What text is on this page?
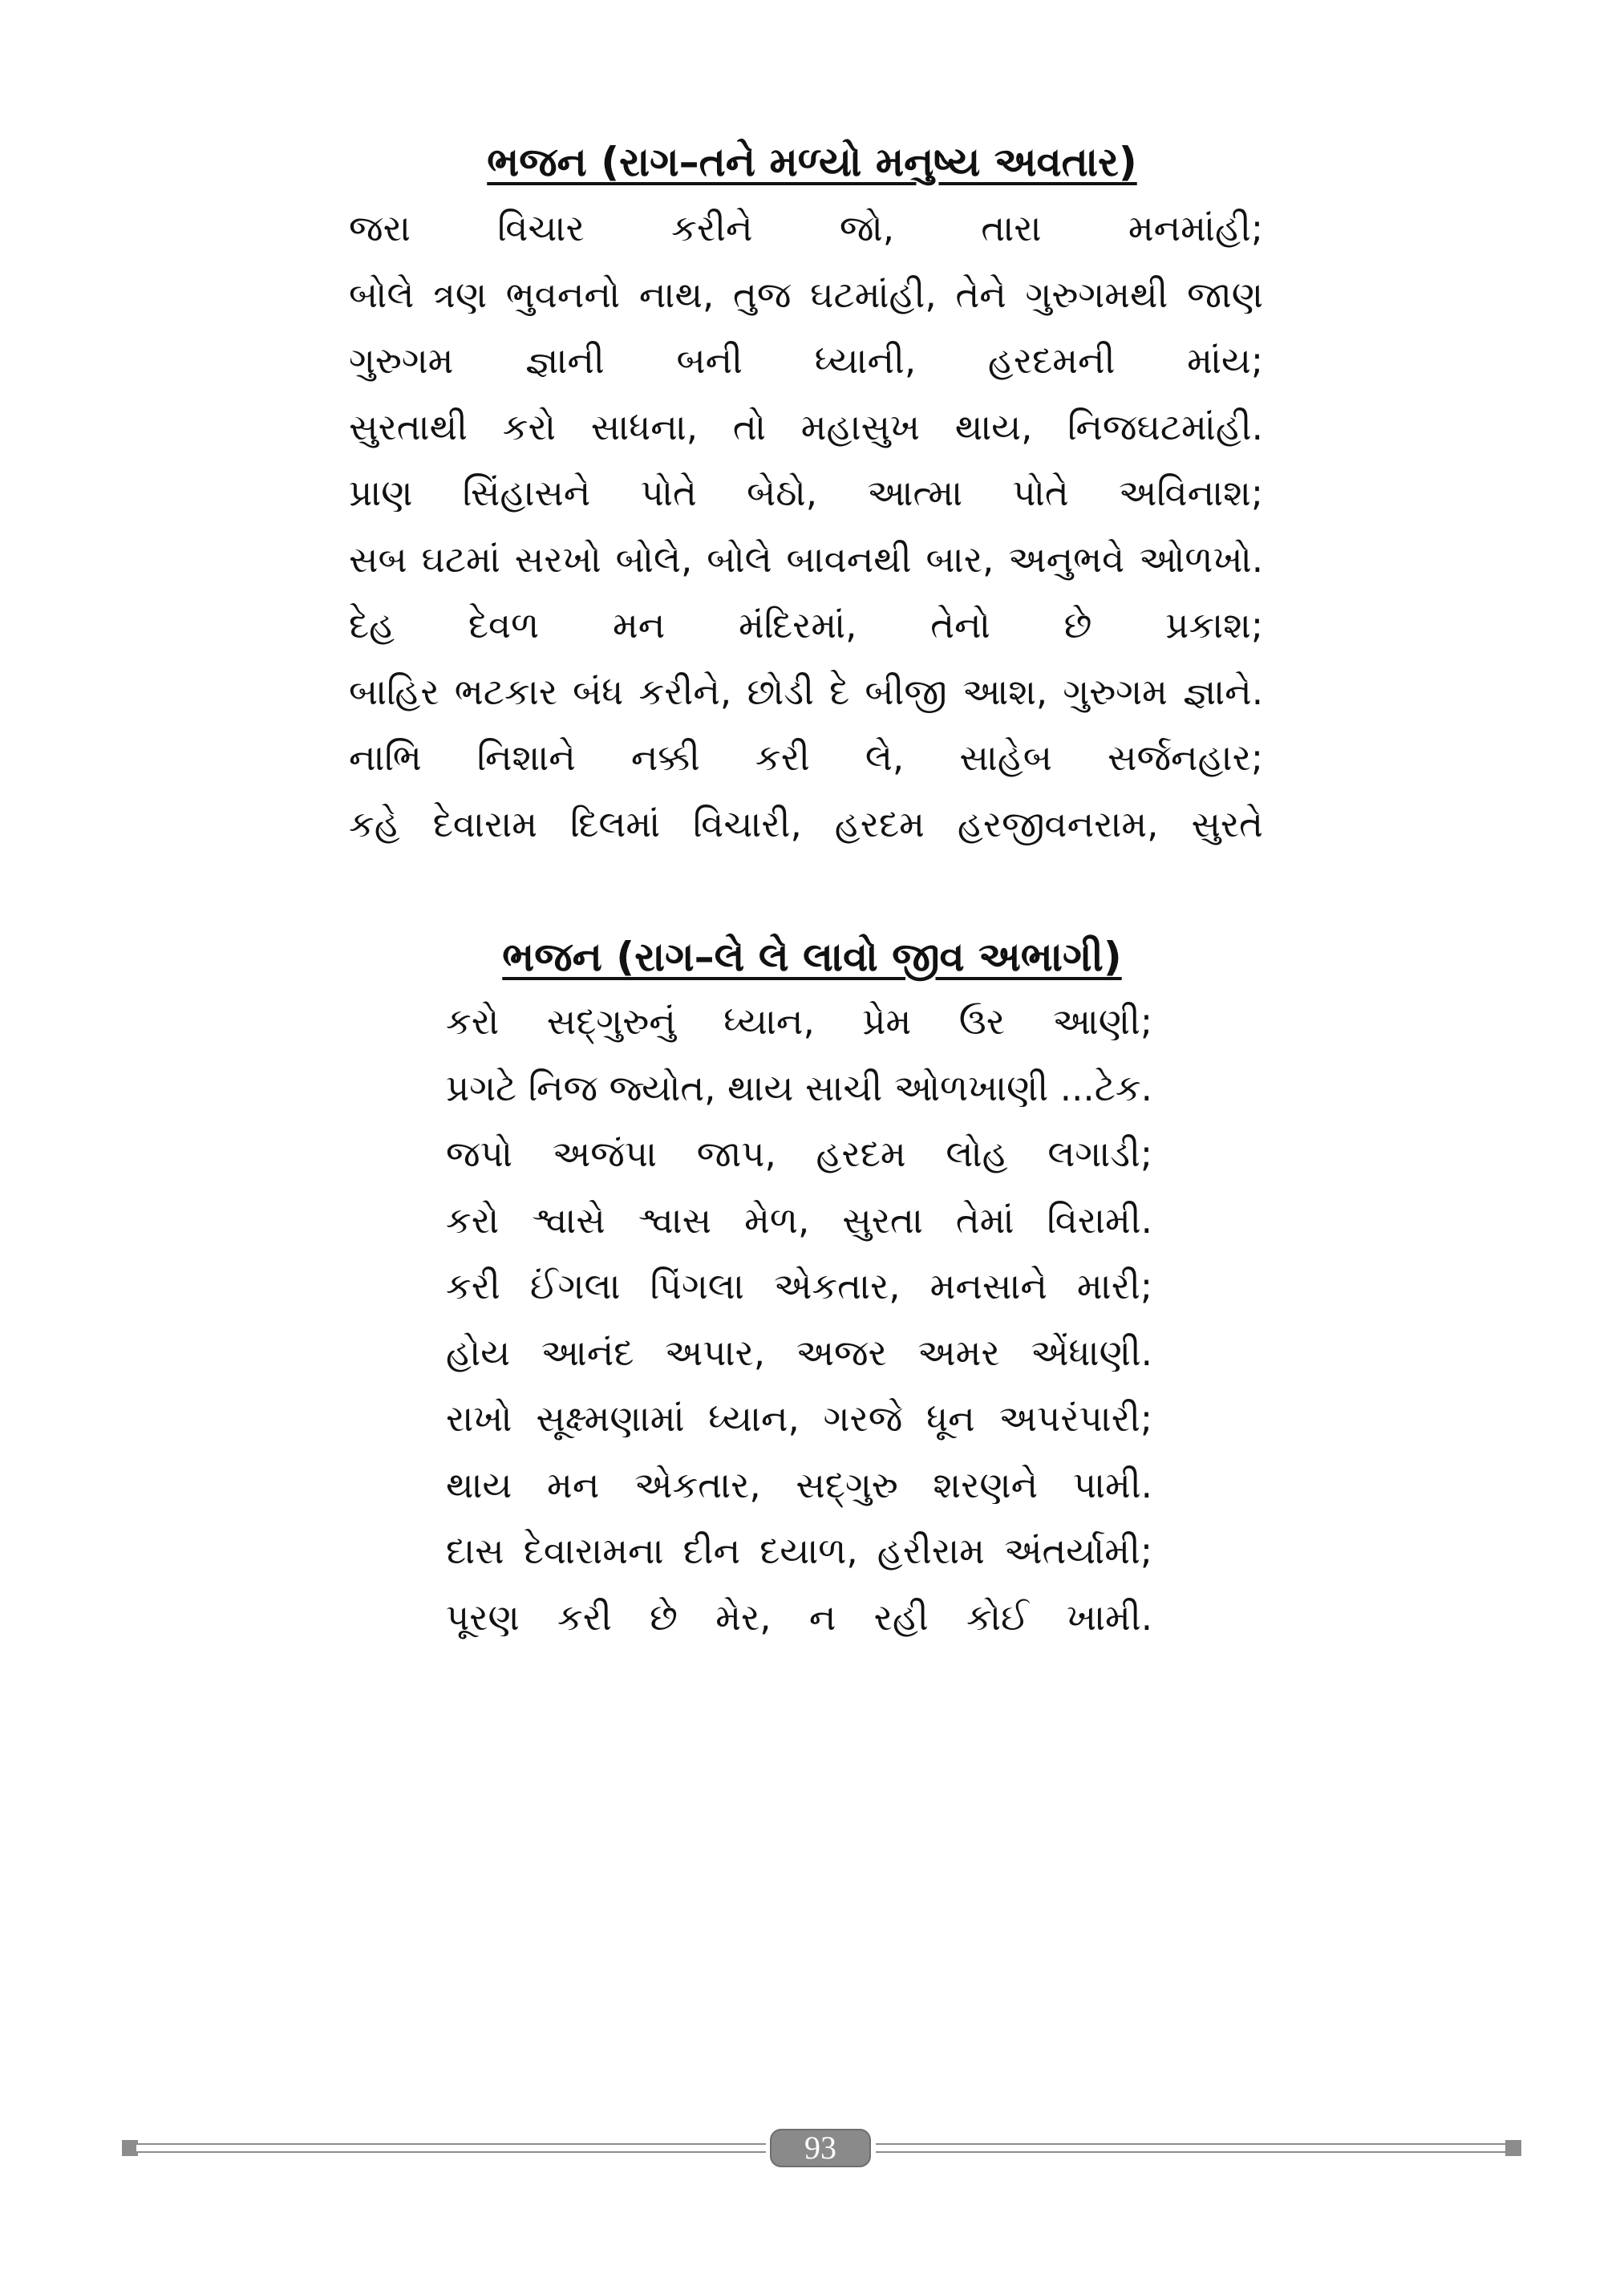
ભજન (રાગ–તને મળ્યો મનુષ્ય અવતાર)
જરા વિચાર કરીને જો, તારા મનમાંહી;
બોલે ત્રણ ભુવનનો નાથ, તુજ ઘટમાંહી, તેને ગુરુગમથી જાણ
ગુરુગમ જ્ઞાની બની ધ્યાની, હરદમની માંય;
સુરતાથી કરો સાધના, તો મહાસુખ થાય, નિજઘટમાંહી.
પ્રાણ સિંહાસને પોતે બેઠો, આત્મા પોતે અવિનાશ;
સબ ઘટમાં સરખો બોલે, બોલે બાવનથી બાર, અનુભવે ઓળખો.
દેહ દેવળ મન મંદિરમાં, તેનો છે પ્રકાશ;
બાહિર ભટકાર બંધ કરીને, છોડી દે બીજી આશ, ગુરુગમ જ્ઞાને.
નાભિ નિશાને નક્કી કરી લે, સાહેબ સર્જનહાર;
કહે દેવારામ દિલમાં વિચારી, હરદમ હરજીવનરામ, સુરતે
ભજન (રાગ–લે લે લાવો જીવ અભાગી)
કરો સદ્ગુરુનું ધ્યાન, પ્રેમ ઉર આણી;
પ્રગટે નિજ જ્યોત, થાય સાચી ઓળખાણી ...ટેક.
જપો અજંપા જાપ, હરદમ લોહ લગાડી;
કરો શ્વાસે શ્વાસ મેળ, સુરતા તેમાં વિરામી.
કરી ઈંગલા પિંગલા એકતાર, મનસાને મારી;
હોય આનંદ અપાર, અજર અમર એંધાણી.
રાખો સૂક્ષ્મણામાં ધ્યાન, ગરજે ધૂન અપરંપારી;
થાય મન એકતાર, સદ્ગુરુ શરણને પામી.
દાસ દેવારામના દીન દયાળ, હરીરામ અંતર્યામી;
પૂરણ કરી છે મેર, ન રહી કોઈ ખામી.
93
